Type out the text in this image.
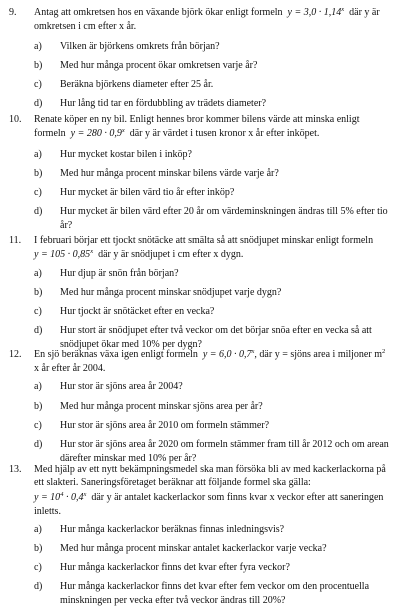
9.	Antag att omkretsen hos en växande björk ökar enligt formeln $y = 3,0 \cdot 1,14^x$ där y är
omkretsen i cm efter x år.
a)	Vilken är björkens omkrets från början?
b)	Med hur många procent ökar omkretsen varje år?
c)	Beräkna björkens diameter efter 25 år.
d)	Hur lång tid tar en fördubbling av trädets diameter?
10.	Renate köper en ny bil. Enligt hennes bror kommer bilens värde att minska enligt
formeln $y = 280 \cdot 0,9^x$ där y är värdet i tusen kronor x år efter inköpet.
a)	Hur mycket kostar bilen i inköp?
b)	Med hur många procent minskar bilens värde varje år?
c)	Hur mycket är bilen värd tio år efter inköp?
d)	Hur mycket är bilen värd efter 20 år om värdeminskningen ändras till 5% efter tio
år?
11.	I februari börjar ett tjockt snötäcke att smälta så att snödjupet minskar enligt formeln
$y = 105 \cdot 0,85^x$ där y är snödjupet i cm efter x dygn.
a)	Hur djup är snön från början?
b)	Med hur många procent minskar snödjupet varje dygn?
c)	Hur tjockt är snötäcket efter en vecka?
d)	Hur stort är snödjupet efter två veckor om det börjar snöa efter en vecka så att
snödjupet ökar med 10% per dygn?
12.	En sjö beräknas växa igen enligt formeln $y = 6,0 \cdot 0,7^x$, där y = sjöns area i miljoner $m^2$
x år efter år 2004.
a)	Hur stor är sjöns area år 2004?
b)	Med hur många procent minskar sjöns area per år?
c)	Hur stor är sjöns area år 2010 om formeln stämmer?
d)	Hur stor är sjöns area år 2020 om formeln stämmer fram till år 2012 och om arean
därefter minskar med 10% per år?
13.	Med hjälp av ett nytt bekämpningsmedel ska man försöka bli av med kackerlackorna på
ett slakteri. Saneringsföretaget beräknar att följande formel ska gälla:
$y = 10^4 \cdot 0,4^x$ där y är antalet kackerlackor som finns kvar x veckor efter att saneringen
inletts.
a)	Hur många kackerlackor beräknas finnas inledningsvis?
b)	Med hur många procent minskar antalet kackerlackor varje vecka?
c)	Hur många kackerlackor finns det kvar efter fyra veckor?
d)	Hur många kackerlackor finns det kvar efter fem veckor om den procentuella
minskningen per vecka efter två veckor ändras till 20%?
